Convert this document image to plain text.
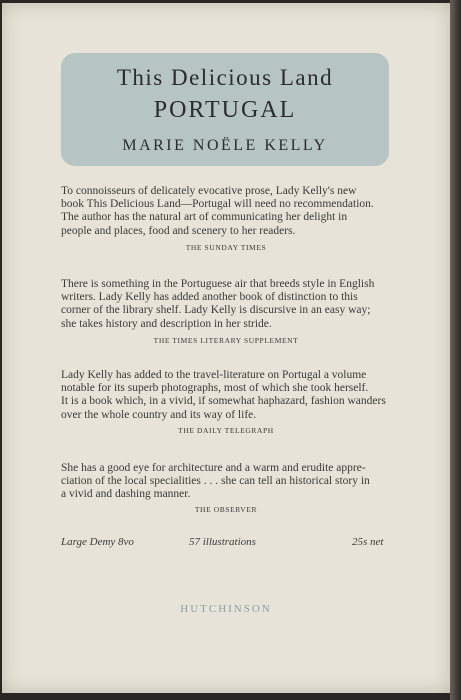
This Delicious Land
PORTUGAL
MARIE NOËLE KELLY
To connoisseurs of delicately evocative prose, Lady Kelly's new
book This Delicious Land—Portugal will need no recommendation.
The author has the natural art of communicating her delight in
people and places, food and scenery to her readers.
THE SUNDAY TIMES
There is something in the Portuguese air that breeds style in English
writers. Lady Kelly has added another book of distinction to this
corner of the library shelf. Lady Kelly is discursive in an easy way;
she takes history and description in her stride.
THE TIMES LITERARY SUPPLEMENT
Lady Kelly has added to the travel-literature on Portugal a volume
notable for its superb photographs, most of which she took herself.
It is a book which, in a vivid, if somewhat haphazard, fashion wanders
over the whole country and its way of life.
THE DAILY TELEGRAPH
She has a good eye for architecture and a warm and erudite appre-
ciation of the local specialities . . . she can tell an historical story in
a vivid and dashing manner.
THE OBSERVER
Large Demy 8vo	57 illustrations	25s net
HUTCHINSON
